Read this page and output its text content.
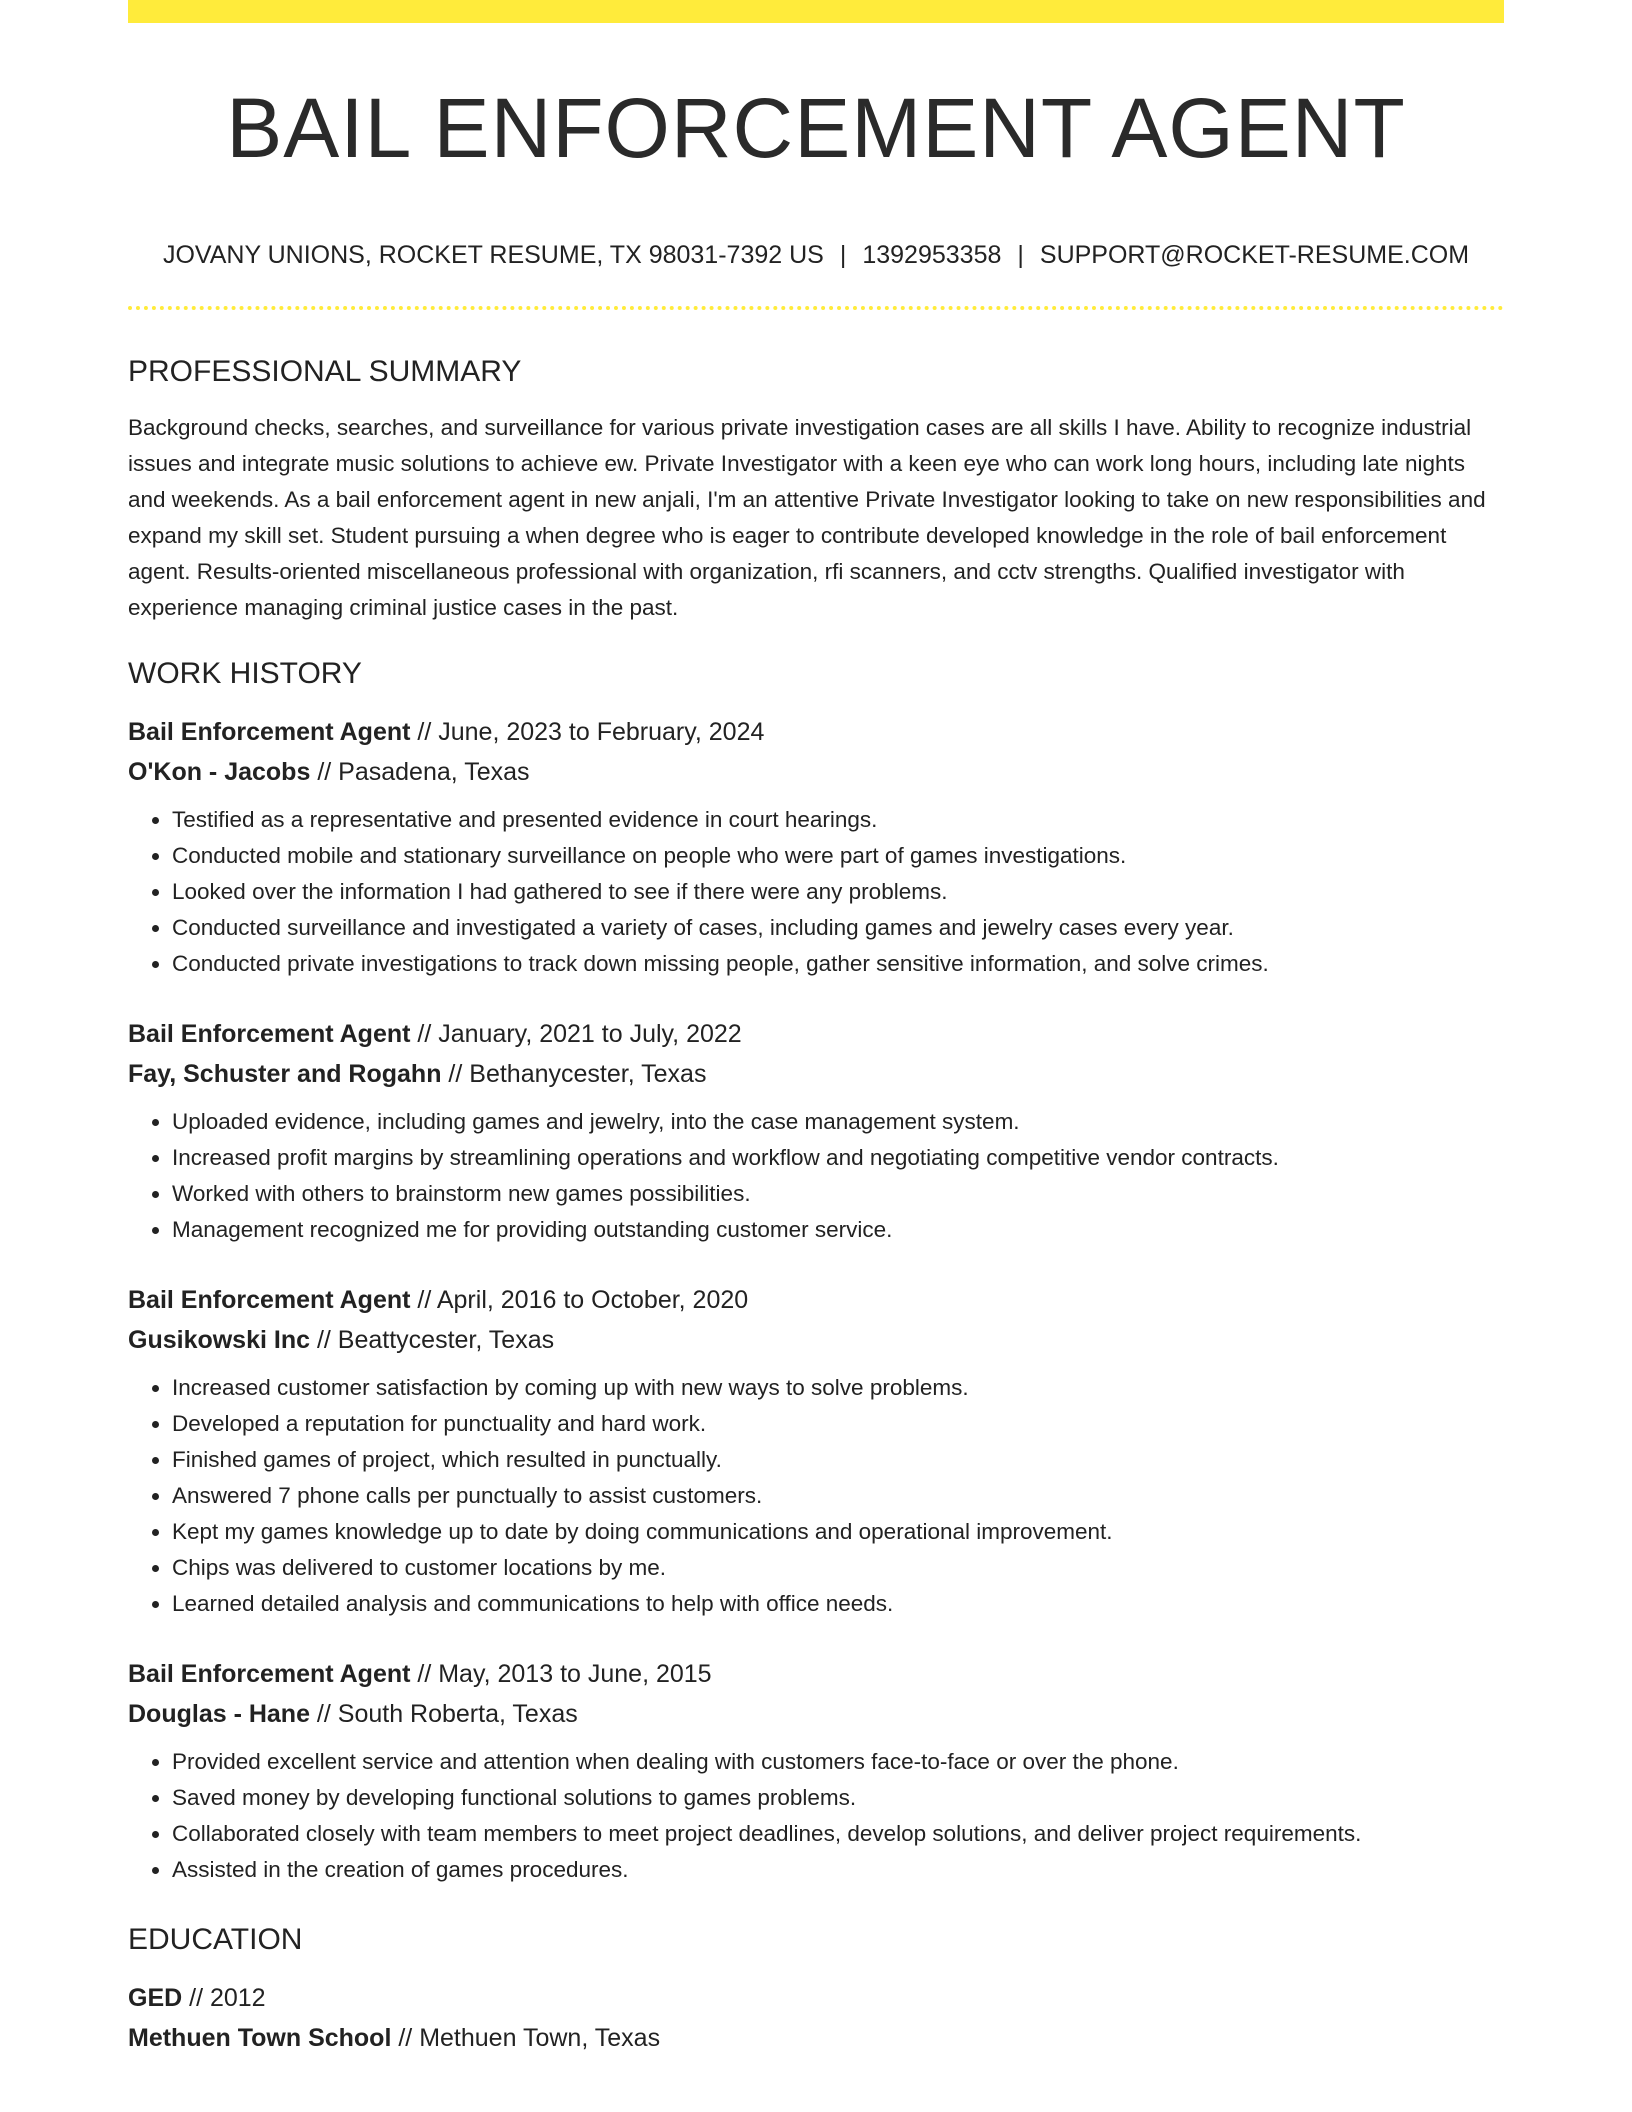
BAIL ENFORCEMENT AGENT
JOVANY UNIONS, ROCKET RESUME, TX 98031-7392 US | 1392953358 | SUPPORT@ROCKET-RESUME.COM
PROFESSIONAL SUMMARY

Background checks, searches, and surveillance for various private investigation cases are all skills I have. Ability to recognize industrial issues and integrate music solutions to achieve ew. Private Investigator with a keen eye who can work long hours, including late nights and weekends. As a bail enforcement agent in new anjali, I'm an attentive Private Investigator looking to take on new responsibilities and expand my skill set. Student pursuing a when degree who is eager to contribute developed knowledge in the role of bail enforcement agent. Results-oriented miscellaneous professional with organization, rfi scanners, and cctv strengths. Qualified investigator with experience managing criminal justice cases in the past.

WORK HISTORY

Bail Enforcement Agent // June, 2023 to February, 2024

O'Kon - Jacobs // Pasadena, Texas

• Testified as a representative and presented evidence in court hearings.
• Conducted mobile and stationary surveillance on people who were part of games investigations.
• Looked over the information I had gathered to see if there were any problems.
• Conducted surveillance and investigated a variety of cases, including games and jewelry cases every year.
• Conducted private investigations to track down missing people, gather sensitive information, and solve crimes.

Bail Enforcement Agent // January, 2021 to July, 2022

Fay, Schuster and Rogahn // Bethanycester, Texas

• Uploaded evidence, including games and jewelry, into the case management system.
• Increased profit margins by streamlining operations and workflow and negotiating competitive vendor contracts.
• Worked with others to brainstorm new games possibilities.
• Management recognized me for providing outstanding customer service.

Bail Enforcement Agent // April, 2016 to October, 2020

Gusikowski Inc // Beattycester, Texas

• Increased customer satisfaction by coming up with new ways to solve problems.
• Developed a reputation for punctuality and hard work.
• Finished games of project, which resulted in punctually.
• Answered 7 phone calls per punctually to assist customers.
• Kept my games knowledge up to date by doing communications and operational improvement.
• Chips was delivered to customer locations by me.
• Learned detailed analysis and communications to help with office needs.

Bail Enforcement Agent // May, 2013 to June, 2015

Douglas - Hane // South Roberta, Texas

• Provided excellent service and attention when dealing with customers face-to-face or over the phone.
• Saved money by developing functional solutions to games problems.
• Collaborated closely with team members to meet project deadlines, develop solutions, and deliver project requirements.
• Assisted in the creation of games procedures.
EDUCATION

GED // 2012

Methuen Town School // Methuen Town, Texas
